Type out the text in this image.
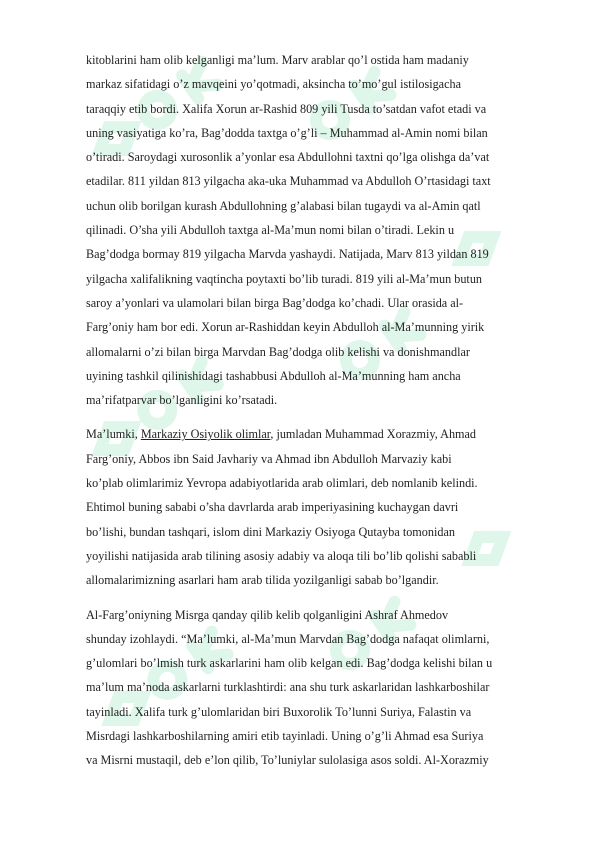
kitoblarini ham olib kelganligi ma’lum. Marv arablar qo’l ostida ham madaniy
markaz sifatidagi o’z mavqeini yo’qotmadi, aksincha to’mo’gul istilosigacha
taraqqiy etib bordi. Xalifa Xorun ar-Rashid 809 yili Tusda to’satdan vafot etadi va
uning vasiyatiga ko’ra, Bag’dodda taxtga o’g’li – Muhammad al-Amin nomi bilan
o’tiradi. Saroydagi xurosonlik a’yonlar esa Abdullohni taxtni qo’lga olishga da’vat
etadilar. 811 yildan 813 yilgacha aka-uka Muhammad va Abdulloh O’rtasidagi taxt
uchun olib borilgan kurash Abdullohning g’alabasi bilan tugaydi va al-Amin qatl
qilinadi. O’sha yili Abdulloh taxtga al-Ma’mun nomi bilan o’tiradi. Lekin u
Bag’dodga bormay 819 yilgacha Marvda yashaydi. Natijada, Marv 813 yildan 819
yilgacha xalifalikning vaqtincha poytaxti bo’lib turadi. 819 yili al-Ma’mun butun
saroy a’yonlari va ulamolari bilan birga Bag’dodga ko’chadi. Ular orasida al-
Farg’oniy ham bor edi. Xorun ar-Rashiddan keyin Abdulloh al-Ma’munning yirik
allomalarni o’zi bilan birga Marvdan Bag’dodga olib kelishi va donishmandlar
uyining tashkil qilinishidagi tashabbusi Abdulloh al-Ma’munning ham ancha
ma’rifatparvar bo’lganligini ko’rsatadi.

Ma’lumki, Markaziy Osiyolik olimlar, jumladan Muhammad Xorazmiy, Ahmad
Farg’oniy, Abbos ibn Said Javhariy va Ahmad ibn Abdulloh Marvaziy kabi
ko’plab olimlarimiz Yevropa adabiyotlarida arab olimlari, deb nomlanib kelindi.
Ehtimol buning sababi o’sha davrlarda arab imperiyasining kuchaygan davri
bo’lishi, bundan tashqari, islom dini Markaziy Osiyoga Qutayba tomonidan
yoyilishi natijasida arab tilining asosiy adabiy va aloqa tili bo’lib qolishi sababli
allomalarimizning asarlari ham arab tilida yozilganligi sabab bo’lgandir.

Al-Farg’oniyning Misrga qanday qilib kelib qolganligini Ashraf Ahmedov
shunday izohlaydi. “Ma’lumki, al-Ma’mun Marvdan Bag’dodga nafaqat olimlarni,
g’ulomlari bo’lmish turk askarlarini ham olib kelgan edi. Bag’dodga kelishi bilan u
ma’lum ma’noda askarlarni turklashtirdi: ana shu turk askarlaridan lashkarboshilar
tayinladi. Xalifa turk g’ulomlaridan biri Buxorolik To’lunni Suriya, Falastin va
Misrdagi lashkarboshilarning amiri etib tayinladi. Uning o’g’li Ahmad esa Suriya
va Misrni mustaqil, deb e’lon qilib, To’luniylar sulolasiga asos soldi. Al-Xorazmiy
